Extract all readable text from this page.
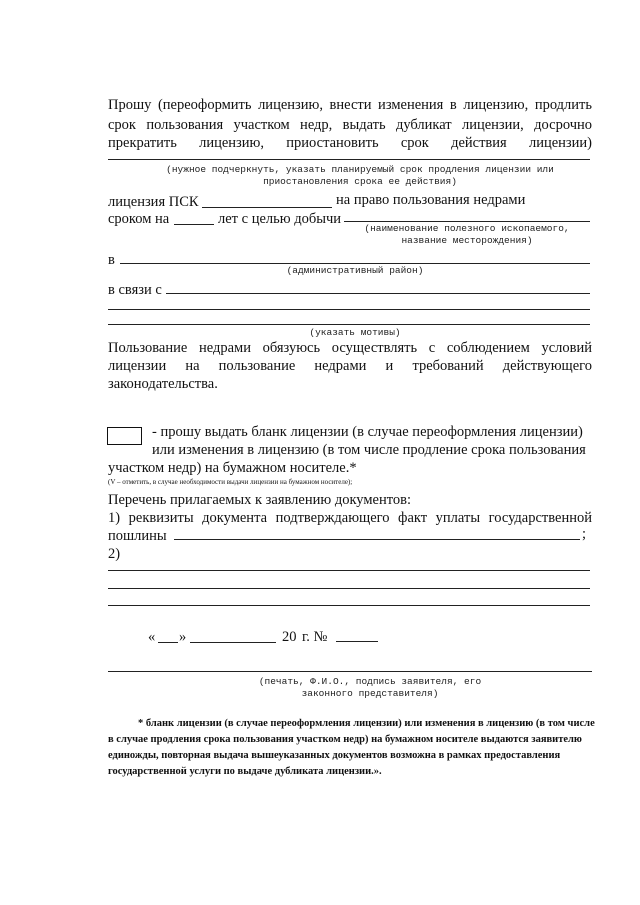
Прошу (переоформить лицензию, внести изменения в лицензию, продлить
срок пользования участком недр, выдать дубликат лицензии, досрочно
прекратить лицензию, приостановить срок действия лицензии)
(нужное подчеркнуть, указать планируемый срок продления лицензии или
приостановления срока ее действия)
лицензия ПСК	на право пользования недрами
сроком на	лет с целью добычи
(наименование полезного ископаемого,
название месторождения)
в
(административный район)
в связи с
(указать мотивы)
Пользование недрами обязуюсь осуществлять с соблюдением условий
лицензии на пользование недрами и требований действующего
законодательства.
- прошу выдать бланк лицензии (в случае переоформления лицензии)
или изменения в лицензию (в том числе продление срока пользования
участком недр) на бумажном носителе.*
(V – отметить, в случае необходимости выдачи лицензии на бумажном носителе);
Перечень прилагаемых к заявлению документов:
1) реквизиты документа подтверждающего факт уплаты государственной
пошлины	;
2)
« »	20 г. №
(печать, Ф.И.О., подпись заявителя, его
законного представителя)
* бланк лицензии (в случае переоформления лицензии) или изменения в лицензию (в том числе
в случае продления срока пользования участком недр) на бумажном носителе выдаются заявителю
единожды, повторная выдача вышеуказанных документов возможна в рамках предоставления
государственной услуги по выдаче дубликата лицензии.».
